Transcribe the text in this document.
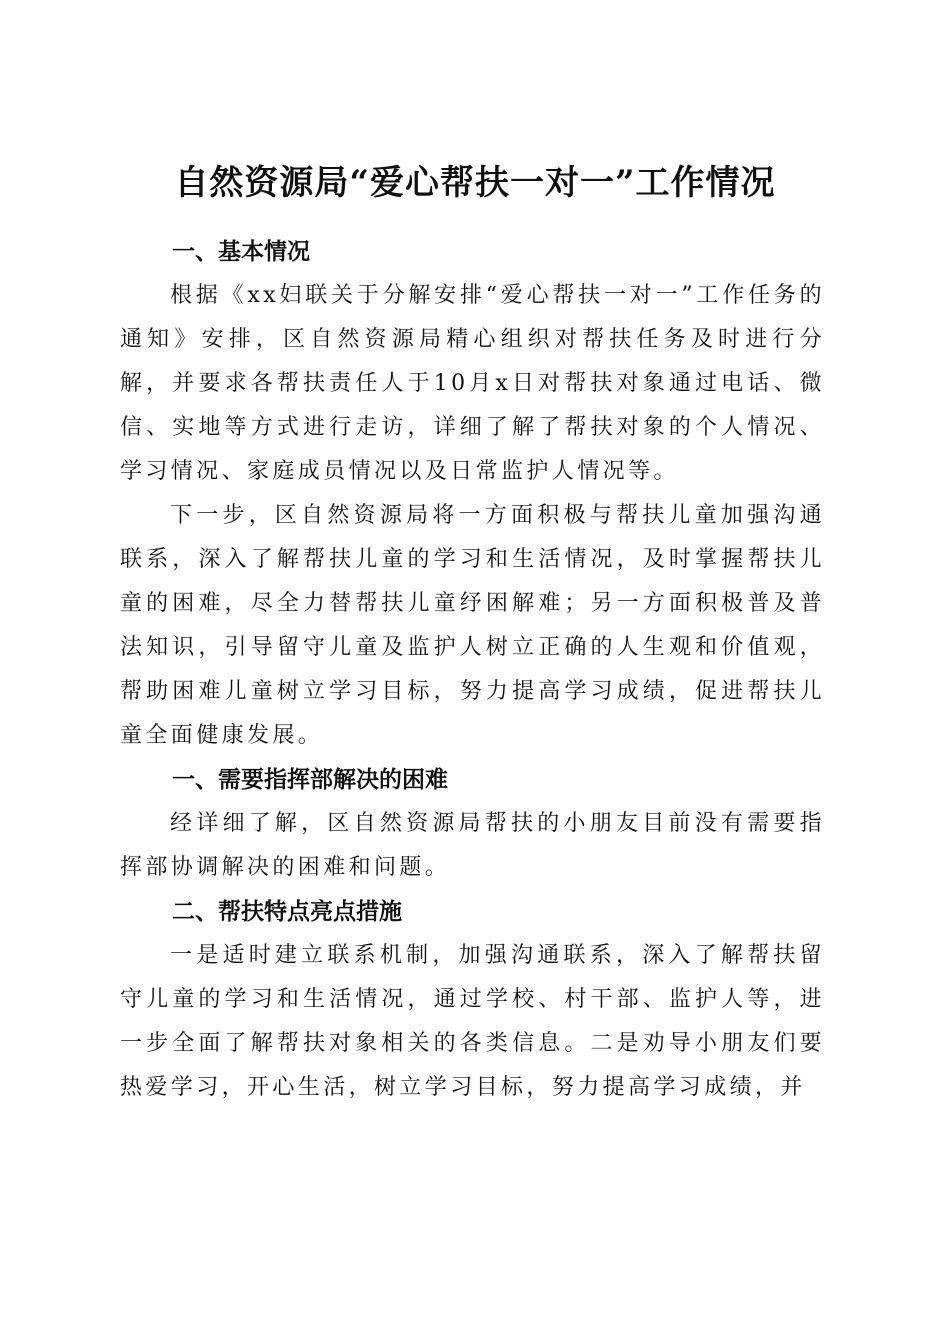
自然资源局“爱心帮扶一对一”工作情况
一、基本情况

根据《xx妇联关于分解安排“爱心帮扶一对一”工作任务的通知》安排，区自然资源局精心组织对帮扶任务及时进行分解，并要求各帮扶责任人于10月x日对帮扶对象通过电话、微信、实地等方式进行走访，详细了解了帮扶对象的个人情况、学习情况、家庭成员情况以及日常监护人情况等。

下一步，区自然资源局将一方面积极与帮扶儿童加强沟通联系，深入了解帮扶儿童的学习和生活情况，及时掌握帮扶儿童的困难，尽全力替帮扶儿童纾困解难；另一方面积极普及普法知识，引导留守儿童及监护人树立正确的人生观和价值观，帮助困难儿童树立学习目标，努力提高学习成绩，促进帮扶儿童全面健康发展。

一、需要指挥部解决的困难

经详细了解，区自然资源局帮扶的小朋友目前没有需要指挥部协调解决的困难和问题。

二、帮扶特点亮点措施

一是适时建立联系机制，加强沟通联系，深入了解帮扶留守儿童的学习和生活情况，通过学校、村干部、监护人等，进一步全面了解帮扶对象相关的各类信息。二是劝导小朋友们要热爱学习，开心生活，树立学习目标，努力提高学习成绩，并
